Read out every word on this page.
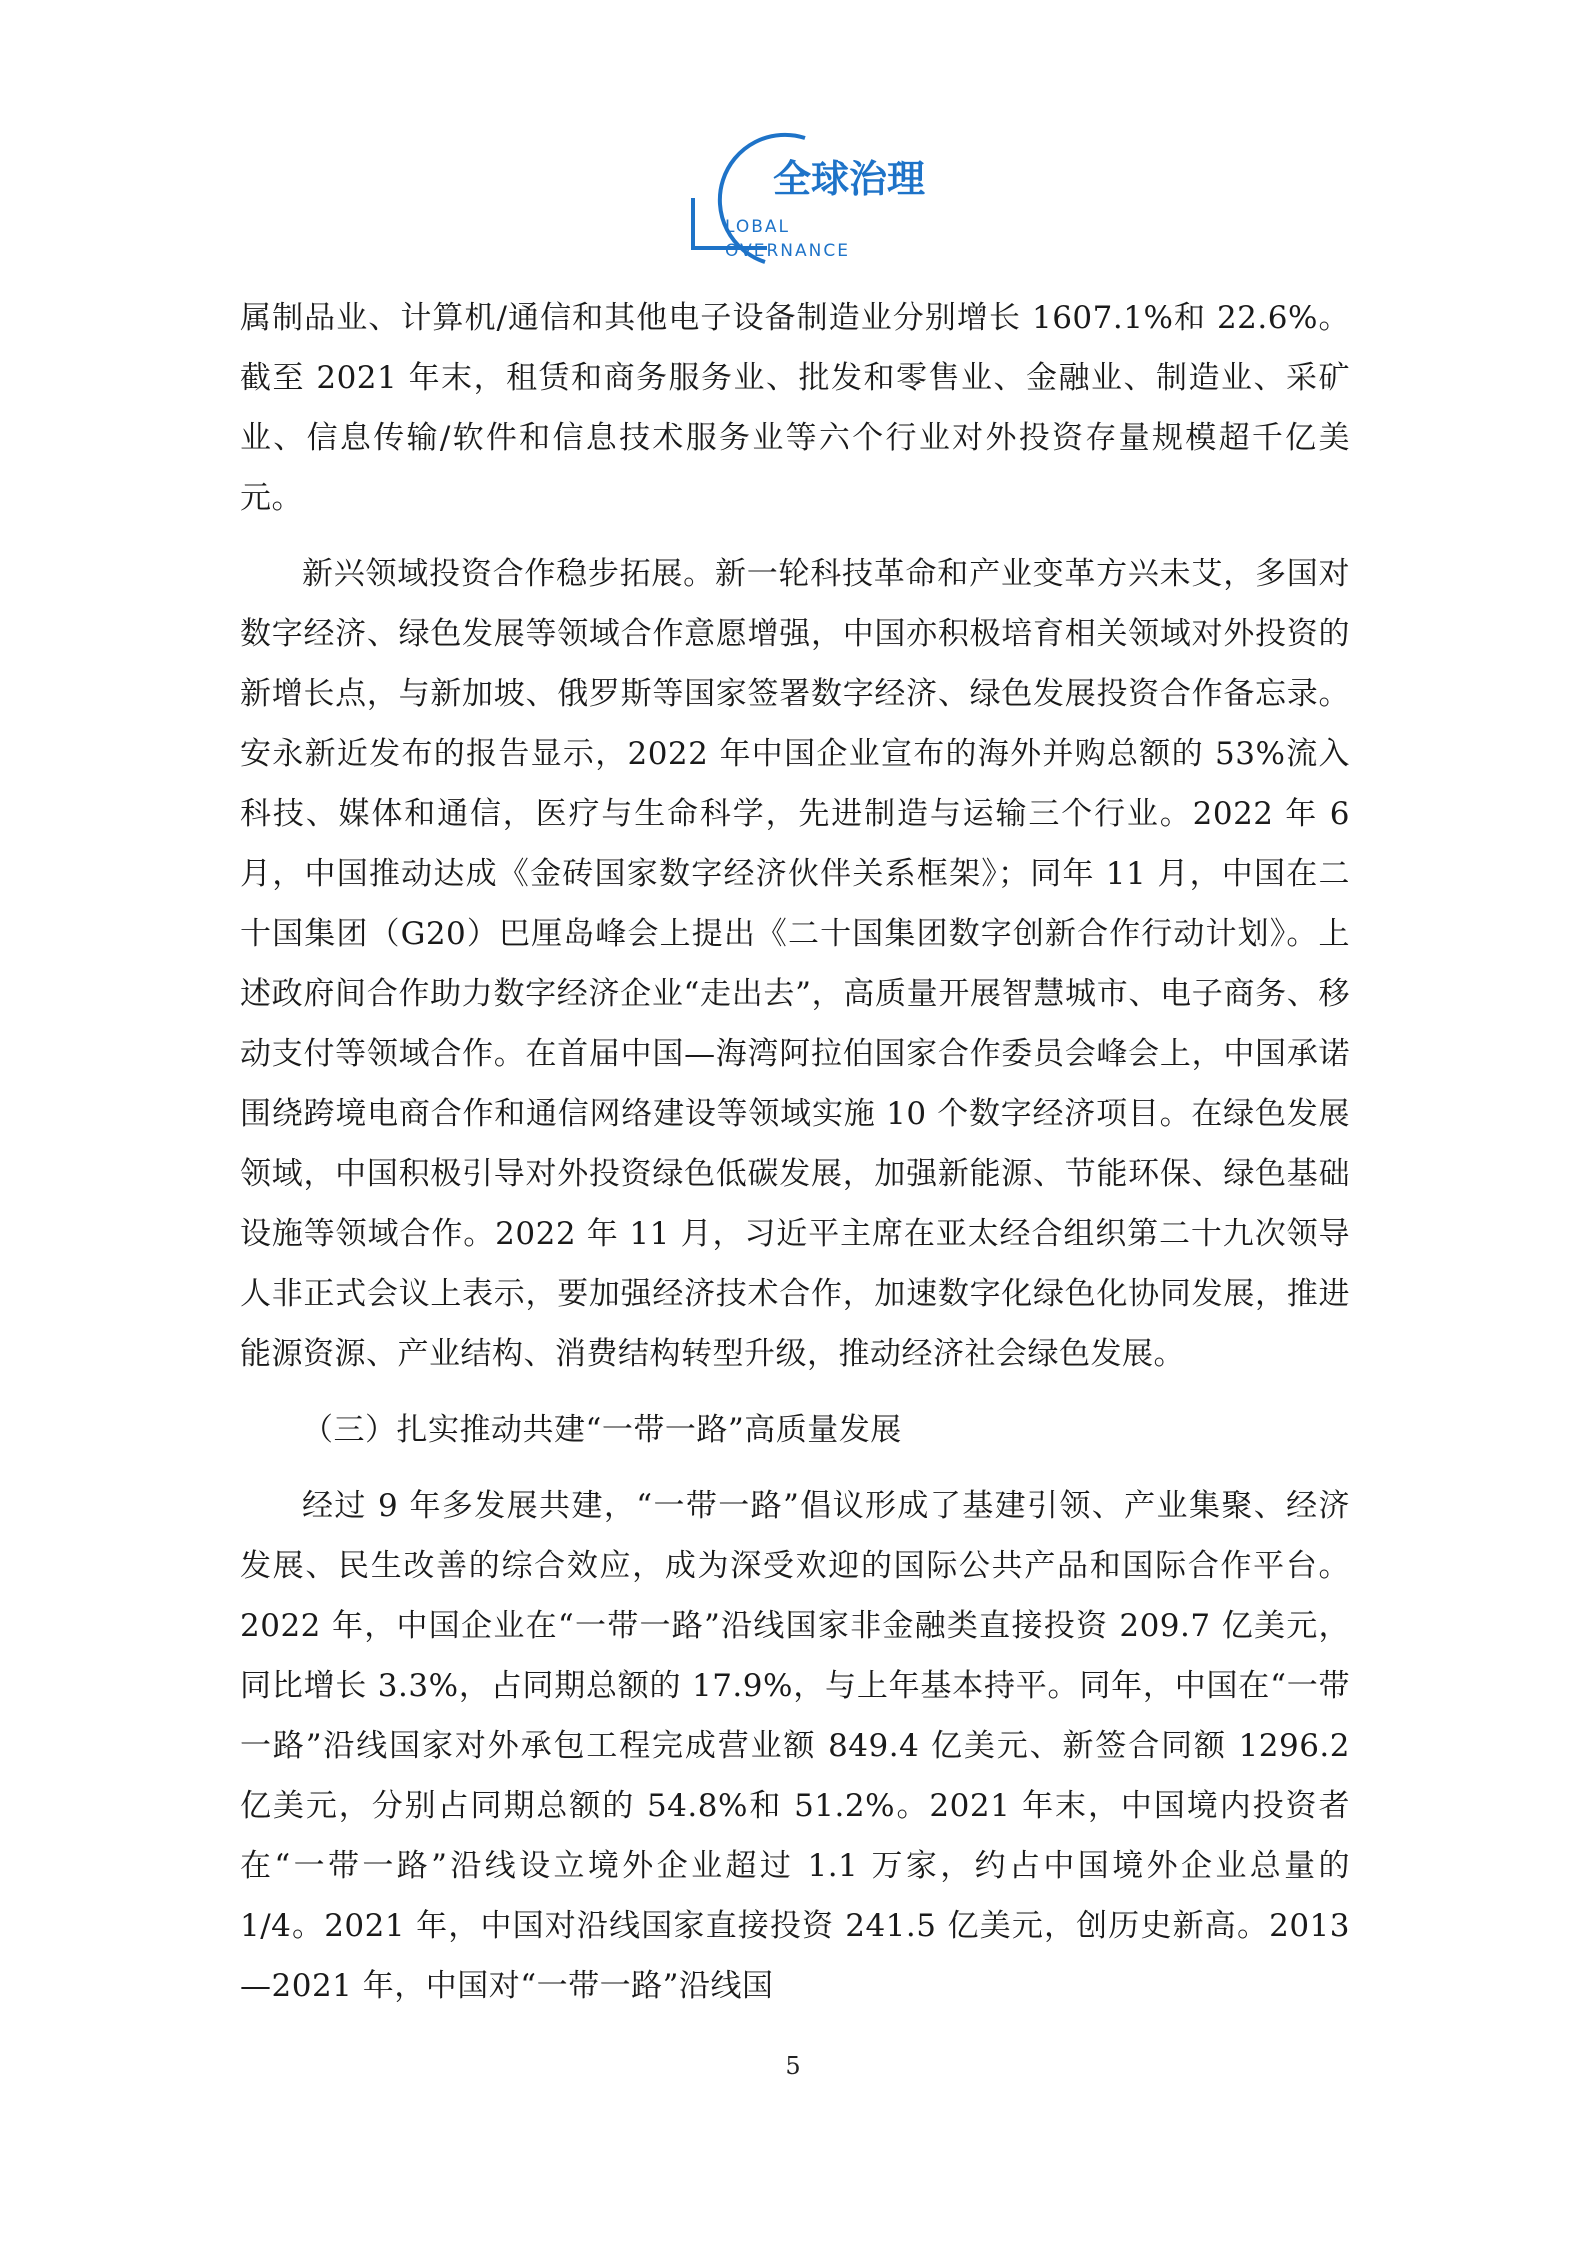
全球治理
LOBAL
OVERNANCE

属制品业、计算机/通信和其他电子设备制造业分别增长 1607.1%和 22.6%。截至 2021 年末，租赁和商务服务业、批发和零售业、金融业、制造业、采矿业、信息传输/软件和信息技术服务业等六个行业对外投资存量规模超千亿美元。

新兴领域投资合作稳步拓展。新一轮科技革命和产业变革方兴未艾，多国对数字经济、绿色发展等领域合作意愿增强，中国亦积极培育相关领域对外投资的新增长点，与新加坡、俄罗斯等国家签署数字经济、绿色发展投资合作备忘录。安永新近发布的报告显示，2022 年中国企业宣布的海外并购总额的 53%流入科技、媒体和通信，医疗与生命科学，先进制造与运输三个行业。2022 年 6 月，中国推动达成《金砖国家数字经济伙伴关系框架》；同年 11 月，中国在二十国集团（G20）巴厘岛峰会上提出《二十国集团数字创新合作行动计划》。上述政府间合作助力数字经济企业“走出去”，高质量开展智慧城市、电子商务、移动支付等领域合作。在首届中国—海湾阿拉伯国家合作委员会峰会上，中国承诺围绕跨境电商合作和通信网络建设等领域实施 10 个数字经济项目。在绿色发展领域，中国积极引导对外投资绿色低碳发展，加强新能源、节能环保、绿色基础设施等领域合作。2022 年 11 月，习近平主席在亚太经合组织第二十九次领导人非正式会议上表示，要加强经济技术合作，加速数字化绿色化协同发展，推进能源资源、产业结构、消费结构转型升级，推动经济社会绿色发展。

（三）扎实推动共建“一带一路”高质量发展

经过 9 年多发展共建，“一带一路”倡议形成了基建引领、产业集聚、经济发展、民生改善的综合效应，成为深受欢迎的国际公共产品和国际合作平台。2022 年，中国企业在“一带一路”沿线国家非金融类直接投资 209.7 亿美元，同比增长 3.3%，占同期总额的 17.9%，与上年基本持平。同年，中国在“一带一路”沿线国家对外承包工程完成营业额 849.4 亿美元、新签合同额 1296.2 亿美元，分别占同期总额的 54.8%和 51.2%。2021 年末，中国境内投资者在“一带一路”沿线设立境外企业超过 1.1 万家，约占中国境外企业总量的 1/4。2021 年，中国对沿线国家直接投资 241.5 亿美元，创历史新高。2013—2021 年，中国对“一带一路”沿线国

5
